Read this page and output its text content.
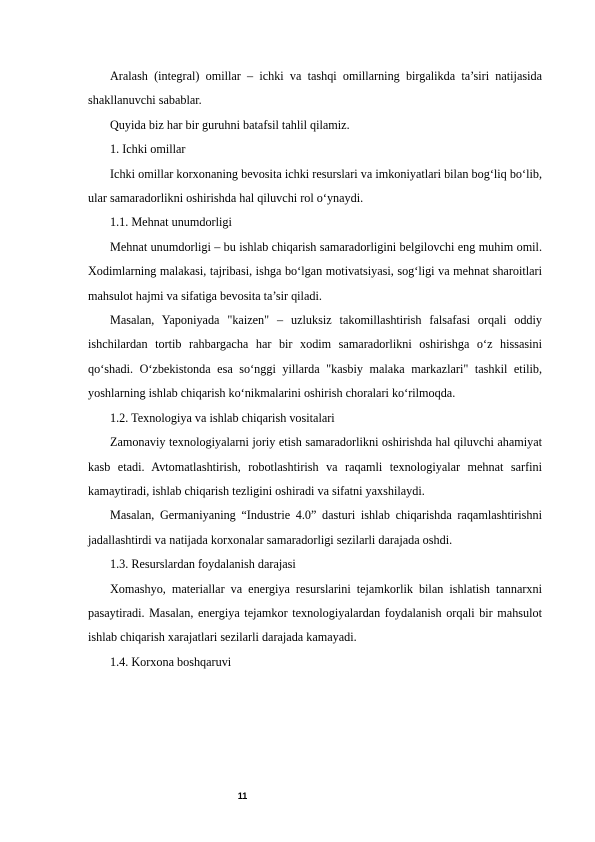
Aralash (integral) omillar – ichki va tashqi omillarning birgalikda ta’siri natijasida shakllanuvchi sabablar.

Quyida biz har bir guruhni batafsil tahlil qilamiz.

1. Ichki omillar

Ichki omillar korxonaning bevosita ichki resurslari va imkoniyatlari bilan bog‘liq bo‘lib, ular samaradorlikni oshirishda hal qiluvchi rol o‘ynaydi.

1.1. Mehnat unumdorligi

Mehnat unumdorligi – bu ishlab chiqarish samaradorligini belgilovchi eng muhim omil. Xodimlarning malakasi, tajribasi, ishga bo‘lgan motivatsiyasi, sog‘ligi va mehnat sharoitlari mahsulot hajmi va sifatiga bevosita ta’sir qiladi.

Masalan, Yaponiyada "kaizen" – uzluksiz takomillashtirish falsafasi orqali oddiy ishchilardan tortib rahbargacha har bir xodim samaradorlikni oshirishga o‘z hissasini qo‘shadi. O‘zbekistonda esa so‘nggi yillarda "kasbiy malaka markazlari" tashkil etilib, yoshlarning ishlab chiqarish ko‘nikmalarini oshirish choralari ko‘rilmoqda.

1.2. Texnologiya va ishlab chiqarish vositalari

Zamonaviy texnologiyalarni joriy etish samaradorlikni oshirishda hal qiluvchi ahamiyat kasb etadi. Avtomatlashtirish, robotlashtirish va raqamli texnologiyalar mehnat sarfini kamaytiradi, ishlab chiqarish tezligini oshiradi va sifatni yaxshilaydi.

Masalan, Germaniyaning “Industrie 4.0” dasturi ishlab chiqarishda raqamlashtirishni jadallashtirdi va natijada korxonalar samaradorligi sezilarli darajada oshdi.

1.3. Resurslardan foydalanish darajasi

Xomashyo, materiallar va energiya resurslarini tejamkorlik bilan ishlatish tannarxni pasaytiradi. Masalan, energiya tejamkor texnologiyalardan foydalanish orqali bir mahsulot ishlab chiqarish xarajatlari sezilarli darajada kamayadi.

1.4. Korxona boshqaruvi

11
